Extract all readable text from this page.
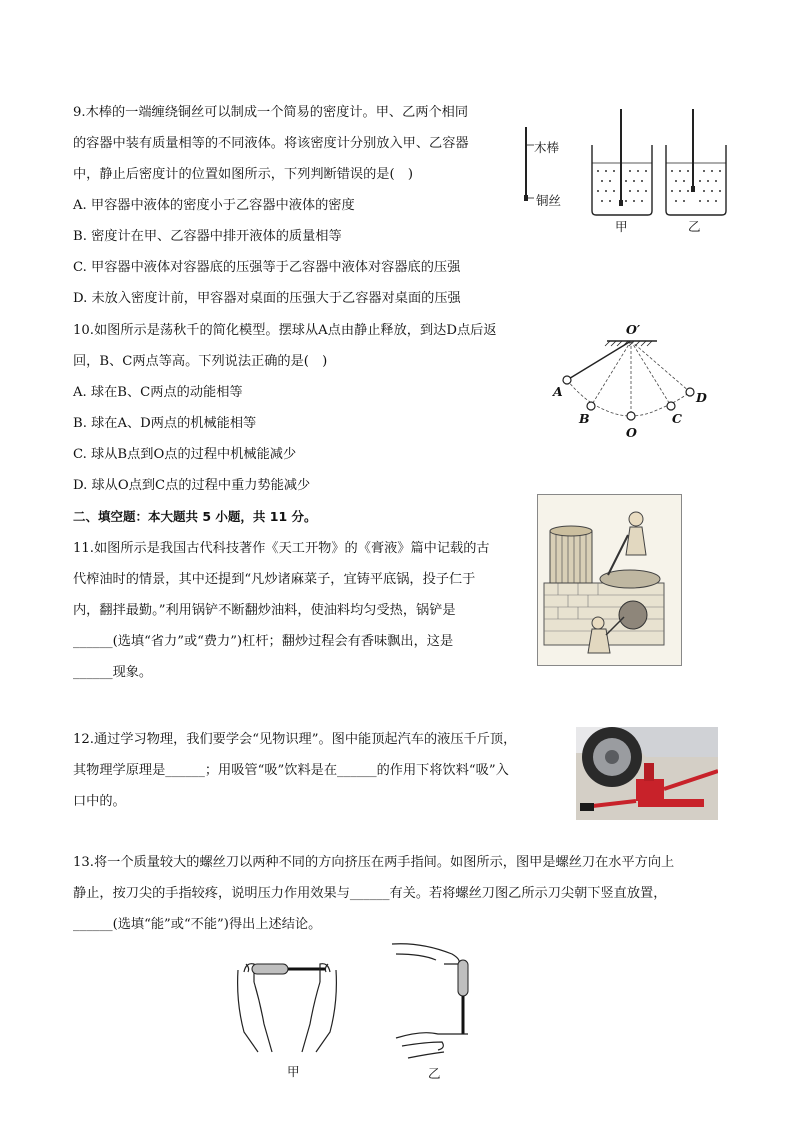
9.木棒的一端缠绕铜丝可以制成一个简易的密度计。甲、乙两个相同
的容器中装有质量相等的不同液体。将该密度计分别放入甲、乙容器
中，静止后密度计的位置如图所示，下列判断错误的是(　)
A. 甲容器中液体的密度小于乙容器中液体的密度
B. 密度计在甲、乙容器中排开液体的质量相等
C. 甲容器中液体对容器底的压强等于乙容器中液体对容器底的压强
D. 未放入密度计前，甲容器对桌面的压强大于乙容器对桌面的压强
木棒
铜丝
甲	乙
10.如图所示是荡秋千的简化模型。摆球从A点由静止释放，到达D点后返
回，B、C两点等高。下列说法正确的是(　)
A. 球在B、C两点的动能相等
B. 球在A、D两点的机械能相等
C. 球从B点到O点的过程中机械能减少
D. 球从O点到C点的过程中重力势能减少
O′
A
B
O
C
D
二、填空题：本大题共 5 小题，共 11 分。
11.如图所示是我国古代科技著作《天工开物》的《膏液》篇中记载的古
代榨油时的情景，其中还提到“凡炒诸麻菜子，宜铸平底锅，投子仁于
内，翻拌最勤。”利用锅铲不断翻炒油料，使油料均匀受热，锅铲是
______(选填“省力”或“费力”)杠杆；翻炒过程会有香味飘出，这是
______现象。
12.通过学习物理，我们要学会“见物识理”。图中能顶起汽车的液压千斤顶，
其物理学原理是______；用吸管“吸”饮料是在______的作用下将饮料“吸”入
口中的。
13.将一个质量较大的螺丝刀以两种不同的方向挤压在两手指间。如图所示，图甲是螺丝刀在水平方向上
静止，按刀尖的手指较疼，说明压力作用效果与______有关。若将螺丝刀图乙所示刀尖朝下竖直放置，
______(选填“能”或“不能”)得出上述结论。
甲	乙
